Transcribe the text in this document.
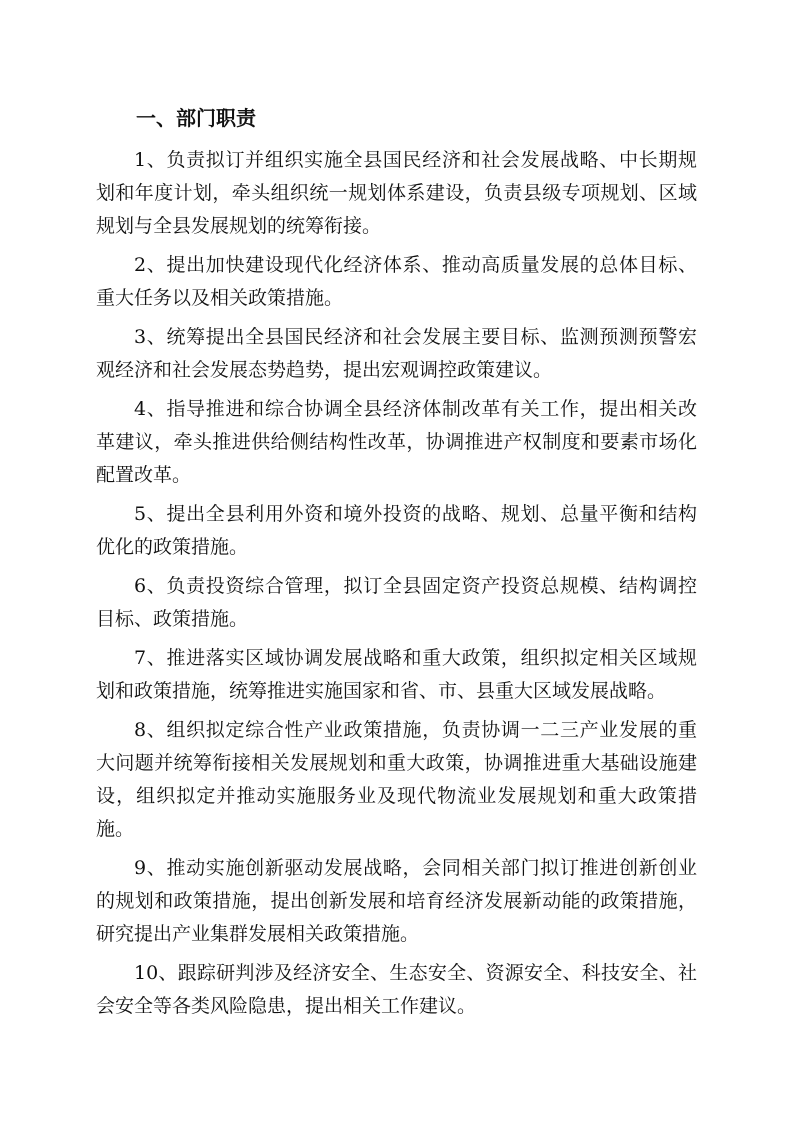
一、部门职责
1、负责拟订并组织实施全县国民经济和社会发展战略、中长期规划和年度计划，牵头组织统一规划体系建设，负责县级专项规划、区域规划与全县发展规划的统筹衔接。
2、提出加快建设现代化经济体系、推动高质量发展的总体目标、重大任务以及相关政策措施。
3、统筹提出全县国民经济和社会发展主要目标、监测预测预警宏观经济和社会发展态势趋势，提出宏观调控政策建议。
4、指导推进和综合协调全县经济体制改革有关工作，提出相关改革建议，牵头推进供给侧结构性改革，协调推进产权制度和要素市场化配置改革。
5、提出全县利用外资和境外投资的战略、规划、总量平衡和结构优化的政策措施。
6、负责投资综合管理，拟订全县固定资产投资总规模、结构调控目标、政策措施。
7、推进落实区域协调发展战略和重大政策，组织拟定相关区域规划和政策措施，统筹推进实施国家和省、市、县重大区域发展战略。
8、组织拟定综合性产业政策措施，负责协调一二三产业发展的重大问题并统筹衔接相关发展规划和重大政策，协调推进重大基础设施建设，组织拟定并推动实施服务业及现代物流业发展规划和重大政策措施。
9、推动实施创新驱动发展战略，会同相关部门拟订推进创新创业的规划和政策措施，提出创新发展和培育经济发展新动能的政策措施，研究提出产业集群发展相关政策措施。
10、跟踪研判涉及经济安全、生态安全、资源安全、科技安全、社会安全等各类风险隐患，提出相关工作建议。
